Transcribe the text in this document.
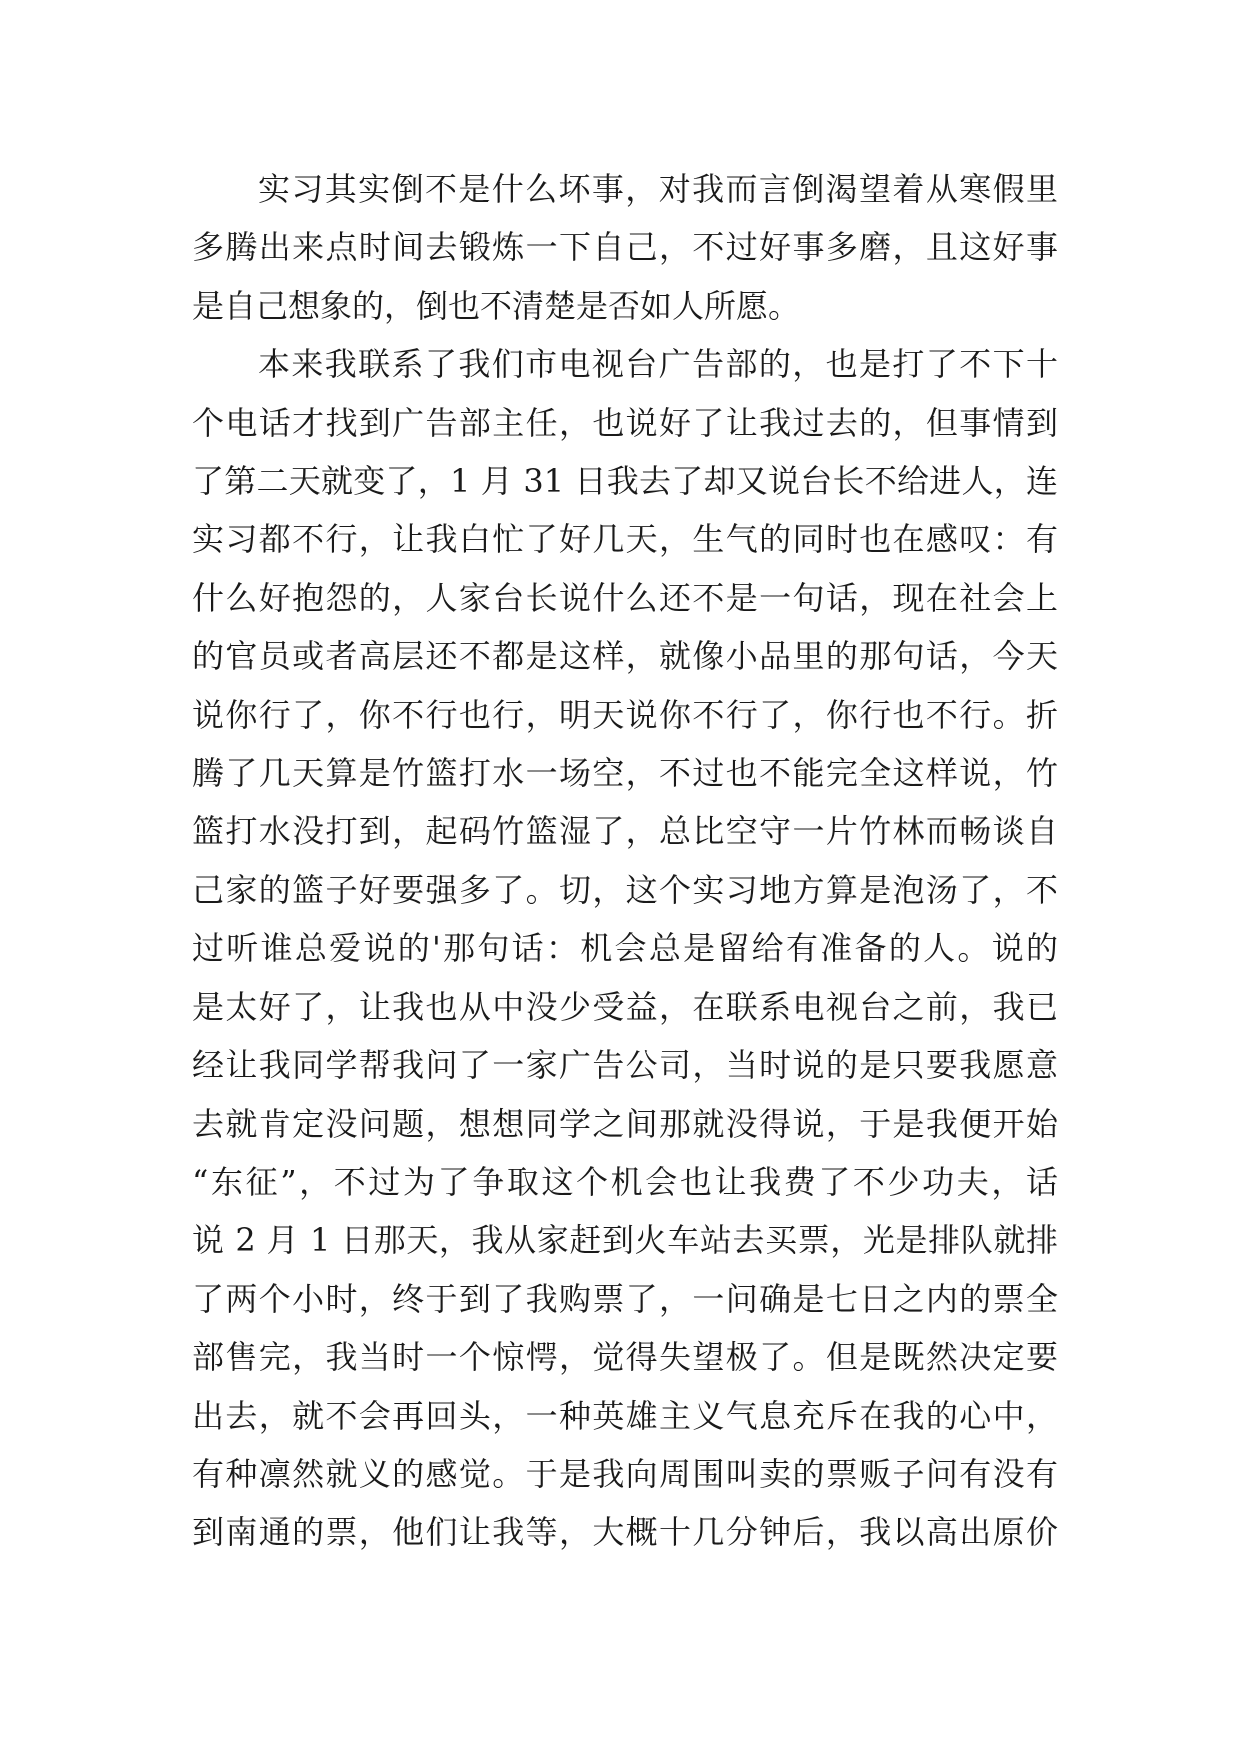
实习其实倒不是什么坏事，对我而言倒渴望着从寒假里
多腾出来点时间去锻炼一下自己，不过好事多磨，且这好事
是自己想象的，倒也不清楚是否如人所愿。
本来我联系了我们市电视台广告部的，也是打了不下十
个电话才找到广告部主任，也说好了让我过去的，但事情到
了第二天就变了，1 月 31 日我去了却又说台长不给进人，连
实习都不行，让我白忙了好几天，生气的同时也在感叹：有
什么好抱怨的，人家台长说什么还不是一句话，现在社会上
的官员或者高层还不都是这样，就像小品里的那句话，今天
说你行了，你不行也行，明天说你不行了，你行也不行。折
腾了几天算是竹篮打水一场空，不过也不能完全这样说，竹
篮打水没打到，起码竹篮湿了，总比空守一片竹林而畅谈自
己家的篮子好要强多了。切，这个实习地方算是泡汤了，不
过听谁总爱说的'那句话：机会总是留给有准备的人。说的
是太好了，让我也从中没少受益，在联系电视台之前，我已
经让我同学帮我问了一家广告公司，当时说的是只要我愿意
去就肯定没问题，想想同学之间那就没得说，于是我便开始
“东征”，不过为了争取这个机会也让我费了不少功夫，话
说 2 月 1 日那天，我从家赶到火车站去买票，光是排队就排
了两个小时，终于到了我购票了，一问确是七日之内的票全
部售完，我当时一个惊愕，觉得失望极了。但是既然决定要
出去，就不会再回头，一种英雄主义气息充斥在我的心中，
有种凛然就义的感觉。于是我向周围叫卖的票贩子问有没有
到南通的票，他们让我等，大概十几分钟后，我以高出原价
